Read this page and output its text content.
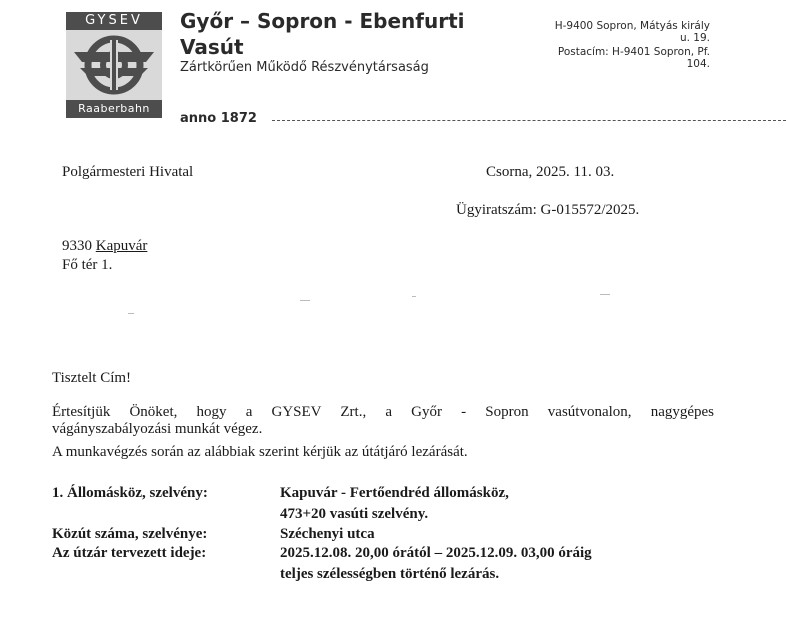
GYSEV
Raaberbahn
Győr – Sopron - Ebenfurti
Vasút
Zártkörűen Működő Részvénytársaság
anno 1872
H-9400 Sopron, Mátyás király
u. 19.
Postacím: H-9401 Sopron, Pf.
104.
Polgármesteri Hivatal	Csorna, 2025. 11. 03.
Ügyiratszám: G-015572/2025.
9330 Kapuvár
Fő tér 1.
Tisztelt Cím!
Értesítjük Önöket, hogy a GYSEV Zrt., a Győr - Sopron vasútvonalon, nagygépes
vágányszabályozási munkát végez.
A munkavégzés során az alábbiak szerint kérjük az útátjáró lezárását.
1. Állomásköz, szelvény:	Kapuvár - Fertőendréd állomásköz,
473+20 vasúti szelvény.
Közút száma, szelvénye:	Széchenyi utca
Az útzár tervezett ideje:	2025.12.08. 20,00 órától – 2025.12.09. 03,00 óráig
teljes szélességben történő lezárás.
